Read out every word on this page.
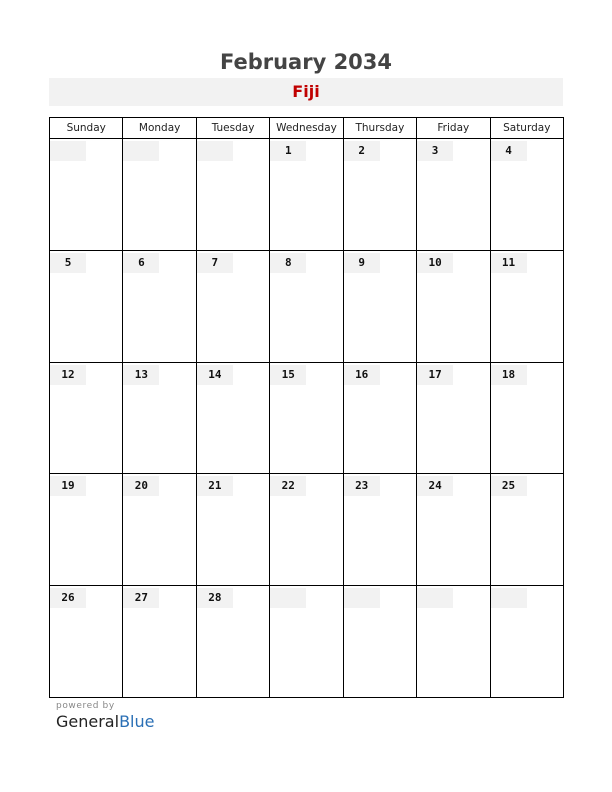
February 2034
Fiji
Sunday	Monday	Tuesday	Wednesday	Thursday	Friday	Saturday

			1	2	3	4

5	6	7	8	9	10	11

12	13	14	15	16	17	18

19	20	21	22	23	24	25

26	27	28				

powered by
GeneralBlue
